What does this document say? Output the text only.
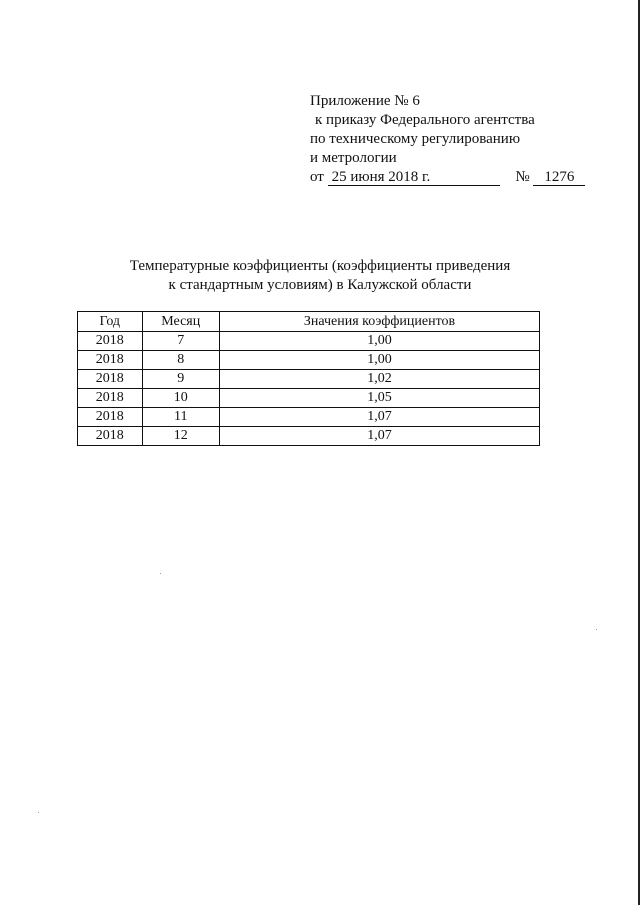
Приложение № 6
к приказу Федерального агентства
по техническому регулированию
и метрологии
от 25 июня 2018 г.	№ 1276
Температурные коэффициенты (коэффициенты приведения
к стандартным условиям) в Калужской области
Год	Месяц	Значения коэффициентов
2018	7	1,00
2018	8	1,00
2018	9	1,02
2018	10	1,05
2018	11	1,07
2018	12	1,07
